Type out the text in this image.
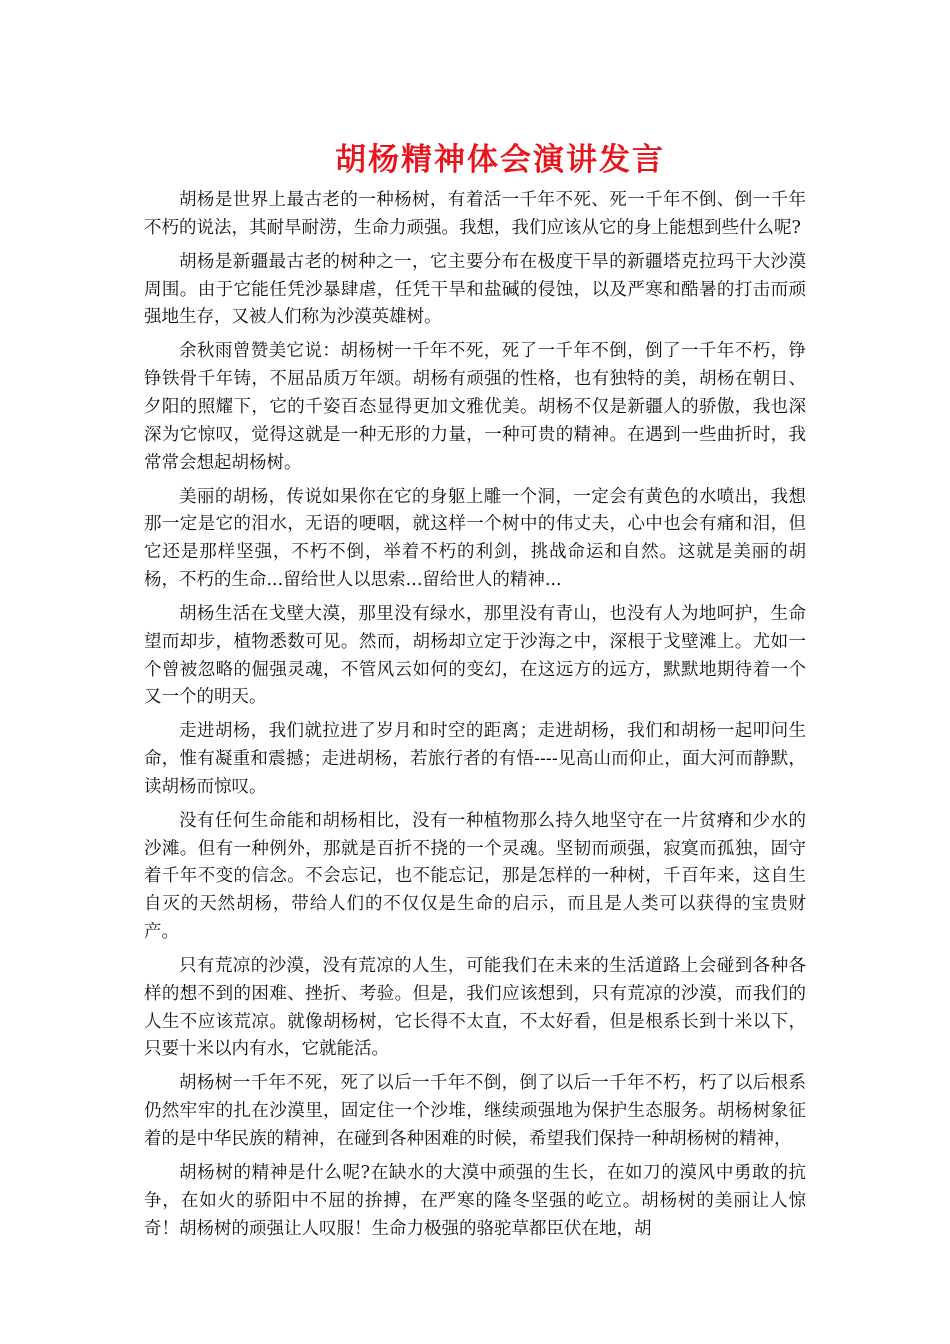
胡杨精神体会演讲发言

胡杨是世界上最古老的一种杨树，有着活一千年不死、死一千年不倒、倒一千年不朽的说法，其耐旱耐涝，生命力顽强。我想，我们应该从它的身上能想到些什么呢?

胡杨是新疆最古老的树种之一，它主要分布在极度干旱的新疆塔克拉玛干大沙漠周围。由于它能任凭沙暴肆虐，任凭干旱和盐碱的侵蚀，以及严寒和酷暑的打击而顽强地生存，又被人们称为沙漠英雄树。

余秋雨曾赞美它说：胡杨树一千年不死，死了一千年不倒，倒了一千年不朽，铮铮铁骨千年铸，不屈品质万年颂。胡杨有顽强的性格，也有独特的美，胡杨在朝日、夕阳的照耀下，它的千姿百态显得更加文雅优美。胡杨不仅是新疆人的骄傲，我也深深为它惊叹，觉得这就是一种无形的力量，一种可贵的精神。在遇到一些曲折时，我常常会想起胡杨树。

美丽的胡杨，传说如果你在它的身躯上雕一个洞，一定会有黄色的水喷出，我想那一定是它的泪水，无语的哽咽，就这样一个树中的伟丈夫，心中也会有痛和泪，但它还是那样坚强，不朽不倒，举着不朽的利剑，挑战命运和自然。这就是美丽的胡杨，不朽的生命...留给世人以思索...留给世人的精神...

胡杨生活在戈壁大漠，那里没有绿水，那里没有青山，也没有人为地呵护，生命望而却步，植物悉数可见。然而，胡杨却立定于沙海之中，深根于戈壁滩上。尤如一个曾被忽略的倔强灵魂，不管风云如何的变幻，在这远方的远方，默默地期待着一个又一个的明天。

走进胡杨，我们就拉进了岁月和时空的距离；走进胡杨，我们和胡杨一起叩问生命，惟有凝重和震撼；走进胡杨，若旅行者的有悟----见高山而仰止，面大河而静默，读胡杨而惊叹。

没有任何生命能和胡杨相比，没有一种植物那么持久地坚守在一片贫瘠和少水的沙滩。但有一种例外，那就是百折不挠的一个灵魂。坚韧而顽强，寂寞而孤独，固守着千年不变的信念。不会忘记，也不能忘记，那是怎样的一种树，千百年来，这自生自灭的天然胡杨，带给人们的不仅仅是生命的启示，而且是人类可以获得的宝贵财产。

只有荒凉的沙漠，没有荒凉的人生，可能我们在未来的生活道路上会碰到各种各样的想不到的困难、挫折、考验。但是，我们应该想到，只有荒凉的沙漠，而我们的人生不应该荒凉。就像胡杨树，它长得不太直，不太好看，但是根系长到十米以下，只要十米以内有水，它就能活。

胡杨树一千年不死，死了以后一千年不倒，倒了以后一千年不朽，朽了以后根系仍然牢牢的扎在沙漠里，固定住一个沙堆，继续顽强地为保护生态服务。胡杨树象征着的是中华民族的精神，在碰到各种困难的时候，希望我们保持一种胡杨树的精神，

胡杨树的精神是什么呢?在缺水的大漠中顽强的生长，在如刀的漠风中勇敢的抗争，在如火的骄阳中不屈的拚搏，在严寒的隆冬坚强的屹立。胡杨树的美丽让人惊奇！胡杨树的顽强让人叹服！生命力极强的骆驼草都臣伏在地，胡
